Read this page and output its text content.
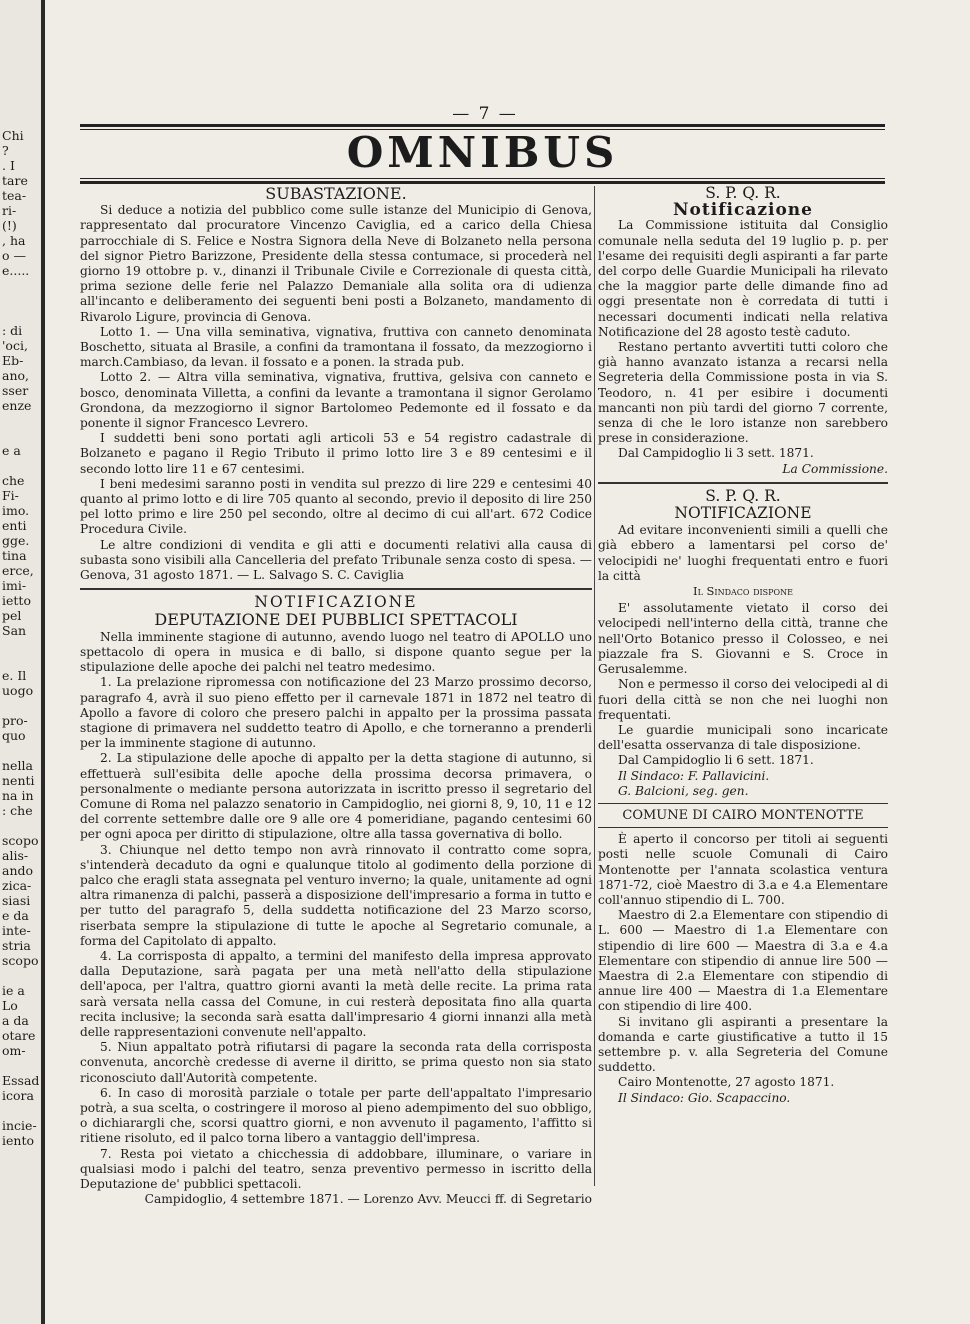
Chi
?
. I
tare
tea-
ri-
(!)
, ha
o —
e.....

: di
'oci,
Eb-
ano,
sser
enze

e a

che
Fi-
imo.
enti
gge.
tina
erce,
imi-
ietto
pel
San

e. Il
uogo

pro-
quo

nella
nenti
na in
: che

scopo
alis-
ando
zica-
siasi
e da
inte-
stria
scopo

ie a
Lo
a da
otare
om-

Essad
icora

incie-
iento
— 7 —
OMNIBUS
SUBASTAZIONE.

Si deduce a notizia del pubblico come sulle istanze del Municipio di Genova, rappresentato dal procuratore Vincenzo Caviglia, ed a carico della Chiesa parrocchiale di S. Felice e Nostra Signora della Neve di Bolzaneto nella persona del signor Pietro Barizzone, Presidente della stessa contumace, si procederà nel giorno 19 ottobre p. v., dinanzi il Tribunale Civile e Correzionale di questa città, prima sezione delle ferie nel Palazzo Demaniale alla solita ora di udienza all'incanto e deliberamento dei seguenti beni posti a Bolzaneto, mandamento di Rivarolo Ligure, provincia di Genova.

Lotto 1. — Una villa seminativa, vignativa, fruttiva con canneto denominata Boschetto, situata al Brasile, a confini da tramontana il fossato, da mezzogiorno i march.Cambiaso, da levan. il fossato e a ponen. la strada pub.

Lotto 2. — Altra villa seminativa, vignativa, fruttiva, gelsiva con canneto e bosco, denominata Villetta, a confini da levante a tramontana il signor Gerolamo Grondona, da mezzogiorno il signor Bartolomeo Pedemonte ed il fossato e da ponente il signor Francesco Levrero.

I suddetti beni sono portati agli articoli 53 e 54 registro cadastrale di Bolzaneto e pagano il Regio Tributo il primo lotto lire 3 e 89 centesimi e il secondo lotto lire 11 e 67 centesimi.

I beni medesimi saranno posti in vendita sul prezzo di lire 229 e centesimi 40 quanto al primo lotto e di lire 705 quanto al secondo, previo il deposito di lire 250 pel lotto primo e lire 250 pel secondo, oltre al decimo di cui all'art. 672 Codice Procedura Civile.

Le altre condizioni di vendita e gli atti e documenti relativi alla causa di subasta sono visibili alla Cancelleria del prefato Tribunale senza costo di spesa. — Genova, 31 agosto 1871. — L. Salvago S. C. Caviglia

NOTIFICAZIONE
DEPUTAZIONE DEI PUBBLICI SPETTACOLI

Nella imminente stagione di autunno, avendo luogo nel teatro di APOLLO uno spettacolo di opera in musica e di ballo, si dispone quanto segue per la stipulazione delle apoche dei palchi nel teatro medesimo.

1. La prelazione ripromessa con notificazione del 23 Marzo prossimo decorso, paragrafo 4, avrà il suo pieno effetto per il carnevale 1871 in 1872 nel teatro di Apollo a favore di coloro che presero palchi in appalto per la prossima passata stagione di primavera nel suddetto teatro di Apollo, e che torneranno a prenderli per la imminente stagione di autunno.

2. La stipulazione delle apoche di appalto per la detta stagione di autunno, si effettuerà sull'esibita delle apoche della prossima decorsa primavera, o personalmente o mediante persona autorizzata in iscritto presso il segretario del Comune di Roma nel palazzo senatorio in Campidoglio, nei giorni 8, 9, 10, 11 e 12 del corrente settembre dalle ore 9 alle ore 4 pomeridiane, pagando centesimi 60 per ogni apoca per diritto di stipulazione, oltre alla tassa governativa di bollo.

3. Chiunque nel detto tempo non avrà rinnovato il contratto come sopra, s'intenderà decaduto da ogni e qualunque titolo al godimento della porzione di palco che eragli stata assegnata pel venturo inverno; la quale, unitamente ad ogni altra rimanenza di palchi, passerà a disposizione dell'impresario a forma in tutto e per tutto del paragrafo 5, della suddetta notificazione del 23 Marzo scorso, riserbata sempre la stipulazione di tutte le apoche al Segretario comunale, a forma del Capitolato di appalto.

4. La corrisposta di appalto, a termini del manifesto della impresa approvato dalla Deputazione, sarà pagata per una metà nell'atto della stipulazione dell'apoca, per l'altra, quattro giorni avanti la metà delle recite. La prima rata sarà versata nella cassa del Comune, in cui resterà depositata fino alla quarta recita inclusive; la seconda sarà esatta dall'impresario 4 giorni innanzi alla metà delle rappresentazioni convenute nell'appalto.

5. Niun appaltato potrà rifiutarsi di pagare la seconda rata della corrisposta convenuta, ancorchè credesse di averne il diritto, se prima questo non sia stato riconosciuto dall'Autorità competente.

6. In caso di morosità parziale o totale per parte dell'appaltato l'impresario potrà, a sua scelta, o costringere il moroso al pieno adempimento del suo obbligo, o dichiarargli che, scorsi quattro giorni, e non avvenuto il pagamento, l'affitto si ritiene risoluto, ed il palco torna libero a vantaggio dell'impresa.

7. Resta poi vietato a chicchessia di addobbare, illuminare, o variare in qualsiasi modo i palchi del teatro, senza preventivo permesso in iscritto della Deputazione de' pubblici spettacoli.

Campidoglio, 4 settembre 1871. — Lorenzo Avv. Meucci ff. di Segretario

S. P. Q. R.
Notificazione

La Commissione istituita dal Consiglio comunale nella seduta del 19 luglio p. p. per l'esame dei requisiti degli aspiranti a far parte del corpo delle Guardie Municipali ha rilevato che la maggior parte delle dimande fino ad oggi presentate non è corredata di tutti i necessari documenti indicati nella relativa Notificazione del 28 agosto testè caduto.

Restano pertanto avvertiti tutti coloro che già hanno avanzato istanza a recarsi nella Segreteria della Commissione posta in via S. Teodoro, n. 41 per esibire i documenti mancanti non più tardi del giorno 7 corrente, senza di che le loro istanze non sarebbero prese in considerazione.

Dal Campidoglio li 3 sett. 1871.

La Commissione.

S. P. Q. R.
NOTIFICAZIONE

Ad evitare inconvenienti simili a quelli che già ebbero a lamentarsi pel corso de' velocipidi ne' luoghi frequentati entro e fuori la città

Il Sindaco dispone

E' assolutamente vietato il corso dei velocipedi nell'interno della città, tranne che nell'Orto Botanico presso il Colosseo, e nei piazzale fra S. Giovanni e S. Croce in Gerusalemme.

Non e permesso il corso dei velocipedi al di fuori della città se non che nei luoghi non frequentati.

Le guardie municipali sono incaricate dell'esatta osservanza di tale disposizione.

Dal Campidoglio li 6 sett. 1871.

Il Sindaco: F. Pallavicini.

G. Balcioni, seg. gen.

COMUNE DI CAIRO MONTENOTTE

È aperto il concorso per titoli ai seguenti posti nelle scuole Comunali di Cairo Montenotte per l'annata scolastica ventura 1871-72, cioè Maestro di 3.a e 4.a Elementare coll'annuo stipendio di L. 700.

Maestro di 2.a Elementare con stipendio di L. 600 — Maestro di 1.a Elementare con stipendio di lire 600 — Maestra di 3.a e 4.a Elementare con stipendio di annue lire 500 — Maestra di 2.a Elementare con stipendio di annue lire 400 — Maestra di 1.a Elementare con stipendio di lire 400.

Si invitano gli aspiranti a presentare la domanda e carte giustificative a tutto il 15 settembre p. v. alla Segreteria del Comune suddetto.

Cairo Montenotte, 27 agosto 1871.

Il Sindaco: Gio. Scapaccino.
